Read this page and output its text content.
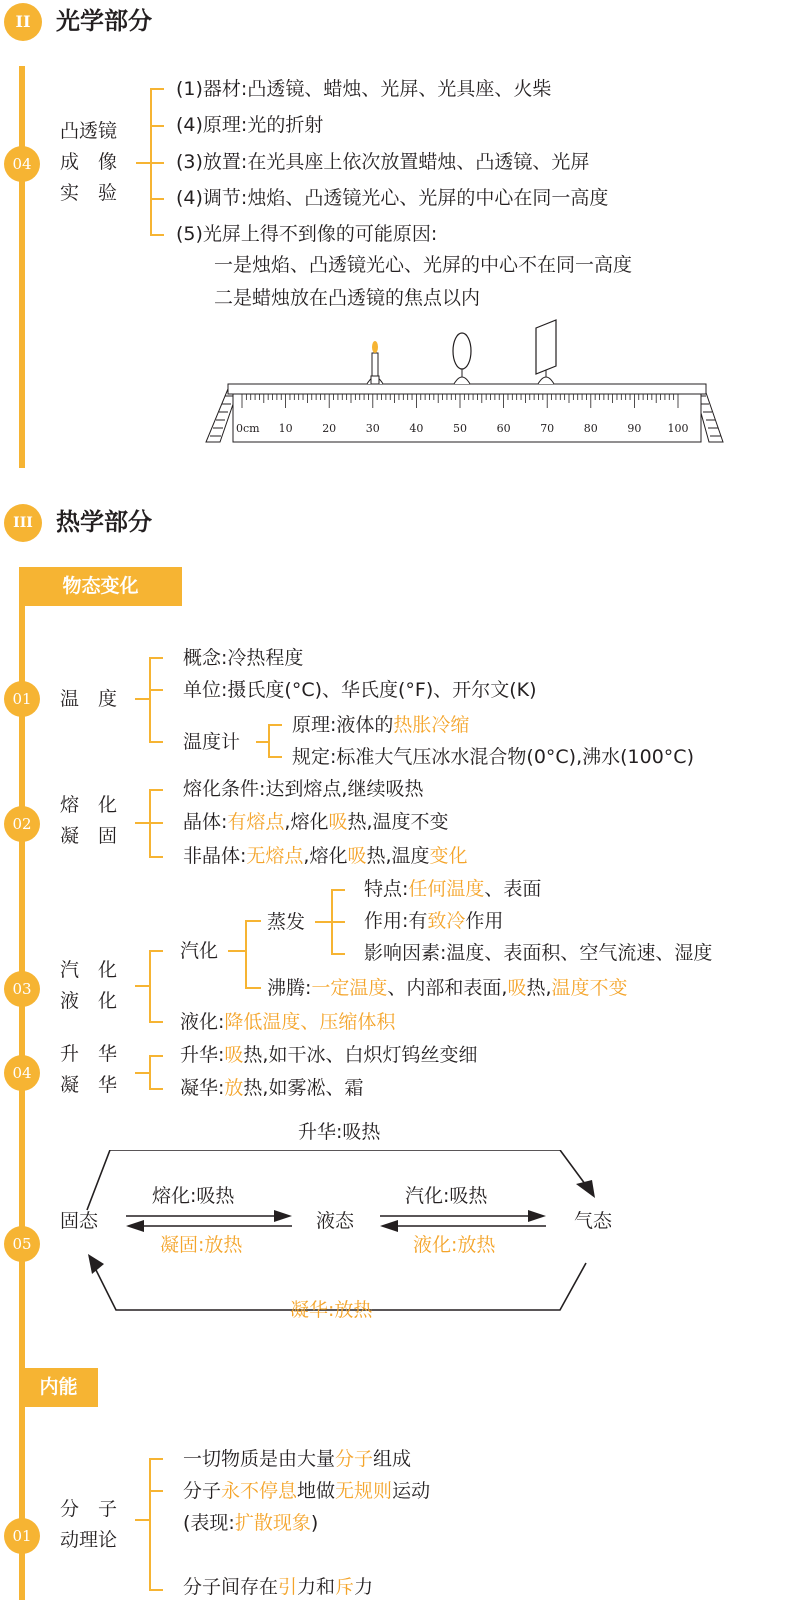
II	光学部分
04
凸透镜
成　像
实　验
(1)器材:凸透镜、蜡烛、光屏、光具座、火柴
(4)原理:光的折射
(3)放置:在光具座上依次放置蜡烛、凸透镜、光屏
(4)调节:烛焰、凸透镜光心、光屏的中心在同一高度
(5)光屏上得不到像的可能原因:
一是烛焰、凸透镜光心、光屏的中心不在同一高度
二是蜡烛放在凸透镜的焦点以内
0cm 10	20	30	40	50	60	70	80	90 100
III 热学部分
物态变化
01	温　度
概念:冷热程度
单位:摄氏度(°C)、华氏度(°F)、开尔文(K)
温度计
原理:液体的热胀冷缩
规定:标准大气压冰水混合物(0°C),沸水(100°C)
02
熔　化
凝　固
熔化条件:达到熔点,继续吸热
晶体:有熔点,熔化吸热,温度不变
非晶体:无熔点,熔化吸热,温度变化
03
汽　化
液　化
汽化
蒸发
特点:任何温度、表面
作用:有致冷作用
影响因素:温度、表面积、空气流速、湿度
沸腾:一定温度、内部和表面,吸热,温度不变
液化:降低温度、压缩体积
04
升　华
凝　华
升华:吸热,如干冰、白炽灯钨丝变细
凝华:放热,如雾凇、霜
05
升华:吸热
熔化:吸热
凝固:放热
汽化:吸热
液化:放热
固态	液态	气态
凝华:放热
内能
01
分　子
动理论
一切物质是由大量分子组成
分子永不停息地做无规则运动
(表现:扩散现象)
分子间存在引力和斥力
